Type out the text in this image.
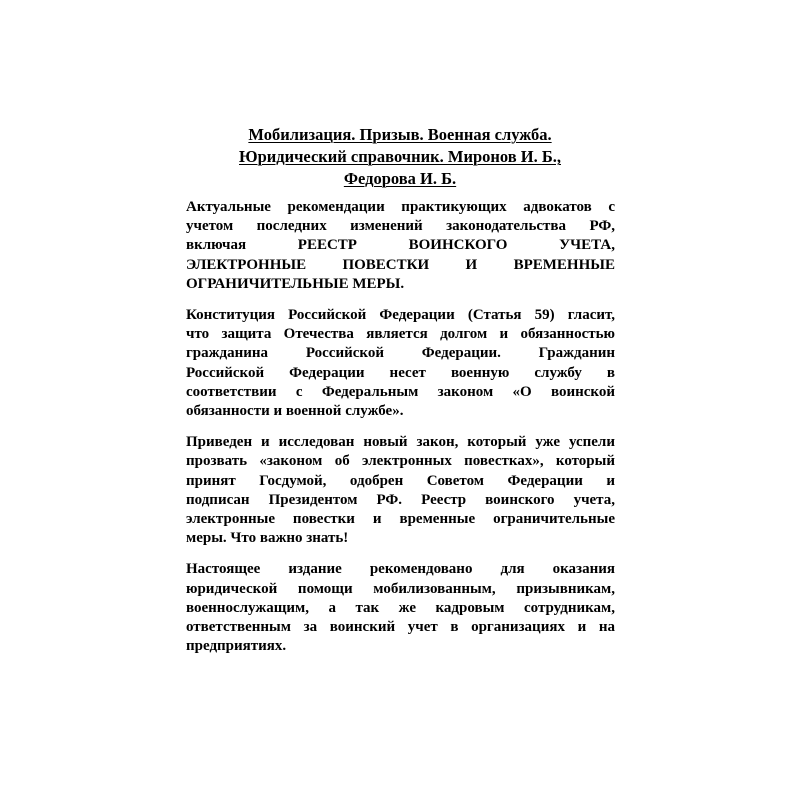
Мобилизация. Призыв. Военная служба.
Юридический справочник. Миронов И. Б.,
Федорова И. Б.

Актуальные рекомендации практикующих адвокатов с
учетом последних изменений законодательства РФ,
включая РЕЕСТР ВОИНСКОГО УЧЕТА,
ЭЛЕКТРОННЫЕ ПОВЕСТКИ И ВРЕМЕННЫЕ
ОГРАНИЧИТЕЛЬНЫЕ МЕРЫ.

Конституция Российской Федерации (Статья 59) гласит,
что защита Отечества является долгом и обязанностью
гражданина Российской Федерации. Гражданин
Российской Федерации несет военную службу в
соответствии с Федеральным законом «О воинской
обязанности и военной службе».

Приведен и исследован новый закон, который уже успели
прозвать «законом об электронных повестках», который
принят Госдумой, одобрен Советом Федерации и
подписан Президентом РФ. Реестр воинского учета,
электронные повестки и временные ограничительные
меры. Что важно знать!

Настоящее издание рекомендовано для оказания
юридической помощи мобилизованным, призывникам,
военнослужащим, а так же кадровым сотрудникам,
ответственным за воинский учет в организациях и на
предприятиях.
